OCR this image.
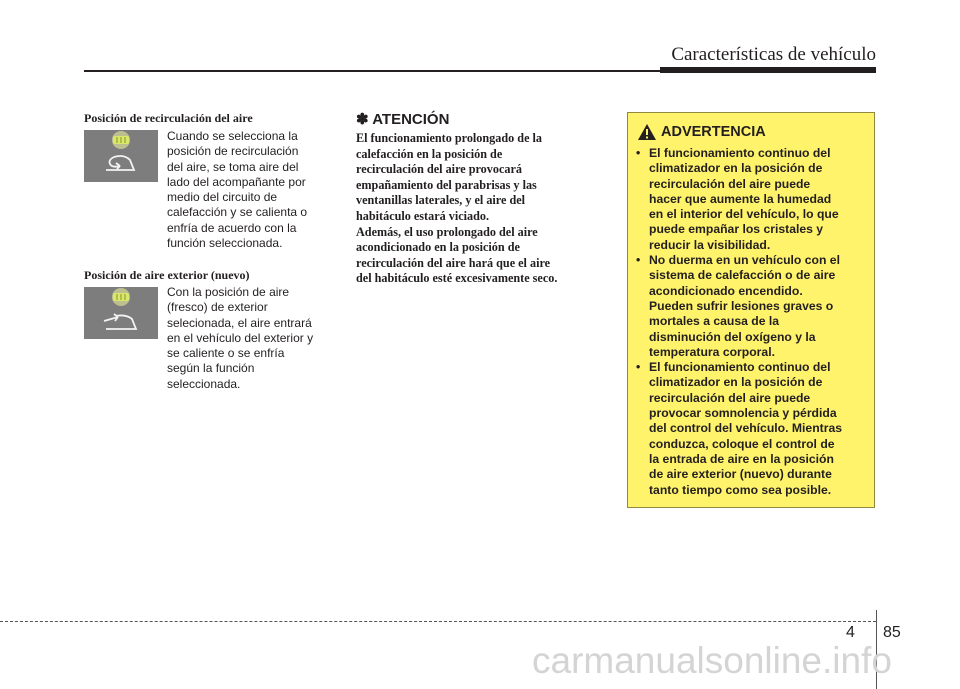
Características de vehículo
Posición de recirculación del aire
Cuando se selecciona la
posición de recirculación
del aire, se toma aire del
lado del acompañante por
medio del circuito de
calefacción y se calienta o
enfría de acuerdo con la
función seleccionada.
Posición de aire exterior (nuevo)
Con la posición de aire
(fresco) de exterior
selecionada, el aire entrará
en el vehículo del exterior y
se caliente o se enfría
según la función
seleccionada.
✽ ATENCIÓN

El funcionamiento prolongado de la
calefacción en la posición de
recirculación del aire provocará
empañamiento del parabrisas y las
ventanillas laterales, y el aire del
habitáculo estará viciado.

Además, el uso prolongado del aire
acondicionado en la posición de
recirculación del aire hará que el aire
del habitáculo esté excesivamente seco.

ADVERTENCIA
• El funcionamiento continuo del
climatizador en la posición de
recirculación del aire puede
hacer que aumente la humedad
en el interior del vehículo, lo que
puede empañar los cristales y
reducir la visibilidad.
• No duerma en un vehículo con el
sistema de calefacción o de aire
acondicionado encendido.
Pueden sufrir lesiones graves o
mortales a causa de la
disminución del oxígeno y la
temperatura corporal.
• El funcionamiento continuo del
climatizador en la posición de
recirculación del aire puede
provocar somnolencia y pérdida
del control del vehículo. Mientras
conduzca, coloque el control de
la entrada de aire en la posición
de aire exterior (nuevo) durante
tanto tiempo como sea posible.
4 85
carmanualsonline.info
